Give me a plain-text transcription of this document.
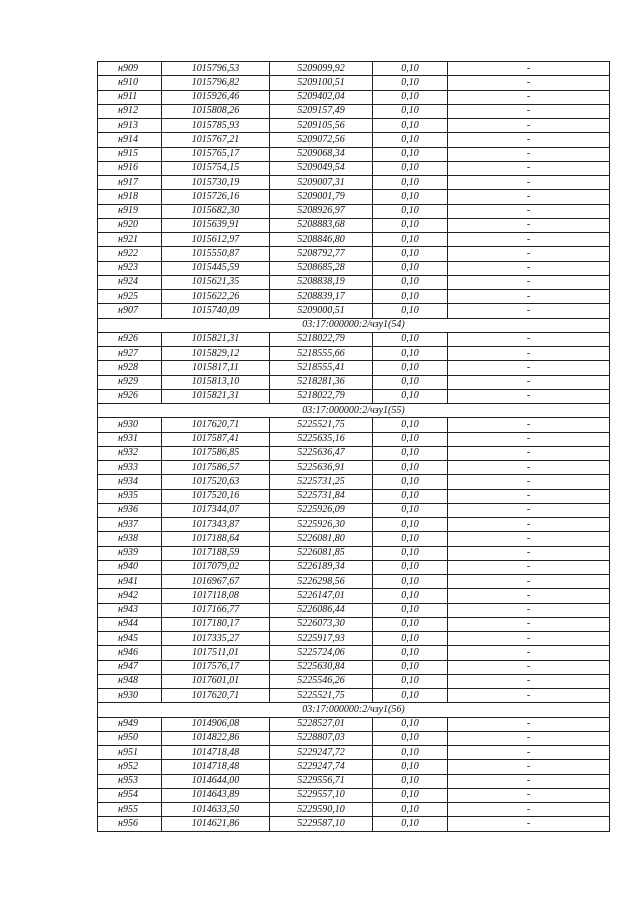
н909	1015796,53	5209099,92	0,10	-
н910	1015796,82	5209100,51	0,10	-
н911	1015926,46	5209402,04	0,10	-
н912	1015808,26	5209157,49	0,10	-
н913	1015785,93	5209105,56	0,10	-
н914	1015767,21	5209072,56	0,10	-
н915	1015765,17	5209068,34	0,10	-
н916	1015754,15	5209049,54	0,10	-
н917	1015730,19	5209007,31	0,10	-
н918	1015726,16	5209001,79	0,10	-
н919	1015682,30	5208926,97	0,10	-
н920	1015639,91	5208883,68	0,10	-
н921	1015612,97	5208846,80	0,10	-
н922	1015550,87	5208792,77	0,10	-
н923	1015445,59	5208685,28	0,10	-
н924	1015621,35	5208838,19	0,10	-
н925	1015622,26	5208839,17	0,10	-
н907	1015740,09	5209000,51	0,10	-
03:17:000000:2/чзу1(54)				
н926	1015821,31	5218022,79	0,10	-
н927	1015829,12	5218555,66	0,10	-
н928	1015817,11	5218555,41	0,10	-
н929	1015813,10	5218281,36	0,10	-
н926	1015821,31	5218022,79	0,10	-
03:17:000000:2/чзу1(55)				
н930	1017620,71	5225521,75	0,10	-
н931	1017587,41	5225635,16	0,10	-
н932	1017586,85	5225636,47	0,10	-
н933	1017586,57	5225636,91	0,10	-
н934	1017520,63	5225731,25	0,10	-
н935	1017520,16	5225731,84	0,10	-
н936	1017344,07	5225926,09	0,10	-
н937	1017343,87	5225926,30	0,10	-
н938	1017188,64	5226081,80	0,10	-
н939	1017188,59	5226081,85	0,10	-
н940	1017079,02	5226189,34	0,10	-
н941	1016967,67	5226298,56	0,10	-
н942	1017118,08	5226147,01	0,10	-
н943	1017166,77	5226086,44	0,10	-
н944	1017180,17	5226073,30	0,10	-
н945	1017335,27	5225917,93	0,10	-
н946	1017511,01	5225724,06	0,10	-
н947	1017576,17	5225630,84	0,10	-
н948	1017601,01	5225546,26	0,10	-
н930	1017620,71	5225521,75	0,10	-
03:17:000000:2/чзу1(56)				
н949	1014906,08	5228527,01	0,10	-
н950	1014822,86	5228807,03	0,10	-
н951	1014718,48	5229247,72	0,10	-
н952	1014718,48	5229247,74	0,10	-
н953	1014644,00	5229556,71	0,10	-
н954	1014643,89	5229557,10	0,10	-
н955	1014633,50	5229590,10	0,10	-
н956	1014621,86	5229587,10	0,10	-
